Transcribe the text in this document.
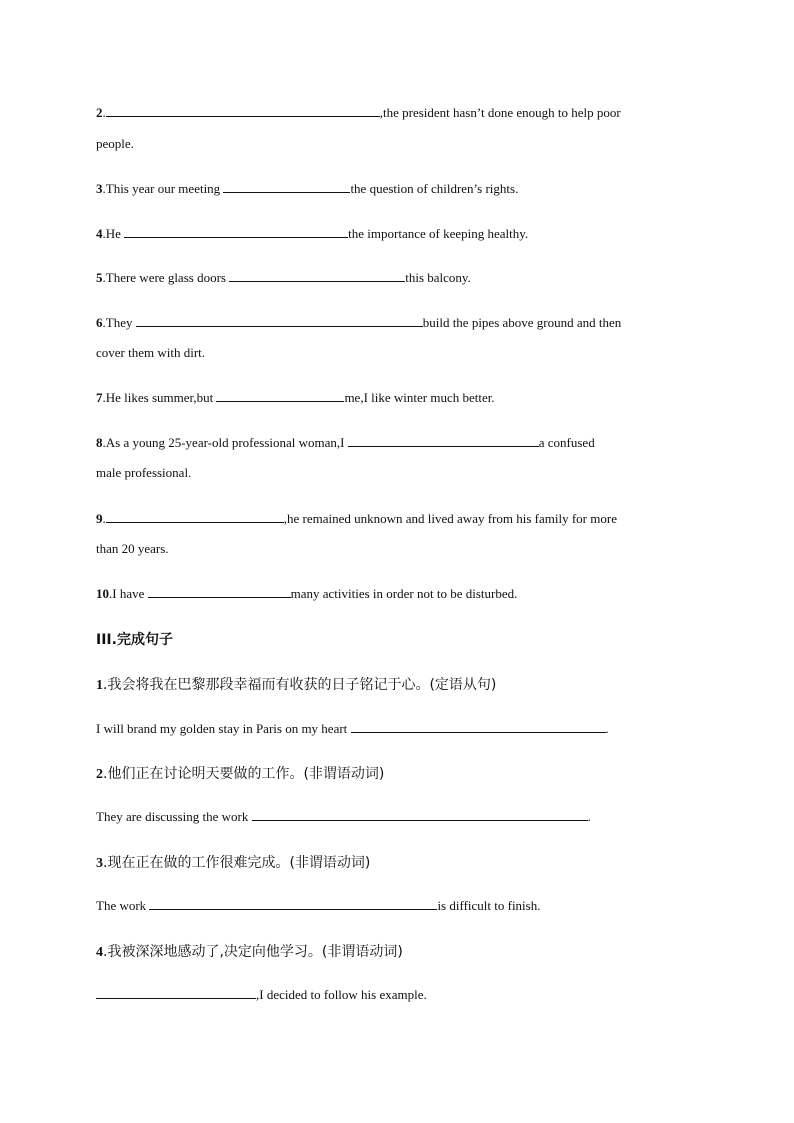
2.	,the president hasn’t done enough to help poor
people.
3.This year our meeting	the question of children’s rights.
4.He	the importance of keeping healthy.
5.There were glass doors	this balcony.
6.They	build the pipes above ground and then
cover them with dirt.
7.He likes summer,but	me,I like winter much better.
8.As a young 25-year-old professional woman,I	a confused
male professional.
9.	,he remained unknown and lived away from his family for more
than 20 years.
10.I have	many activities in order not to be disturbed.
III.完成句子
1.我会将我在巴黎那段幸福而有收获的日子铭记于心。(定语从句)
I will brand my golden stay in Paris on my heart	.
2.他们正在讨论明天要做的工作。(非谓语动词)
They are discussing the work	.
3.现在正在做的工作很难完成。(非谓语动词)
The work	is difficult to finish.
4.我被深深地感动了,决定向他学习。(非谓语动词)
,I decided to follow his example.
